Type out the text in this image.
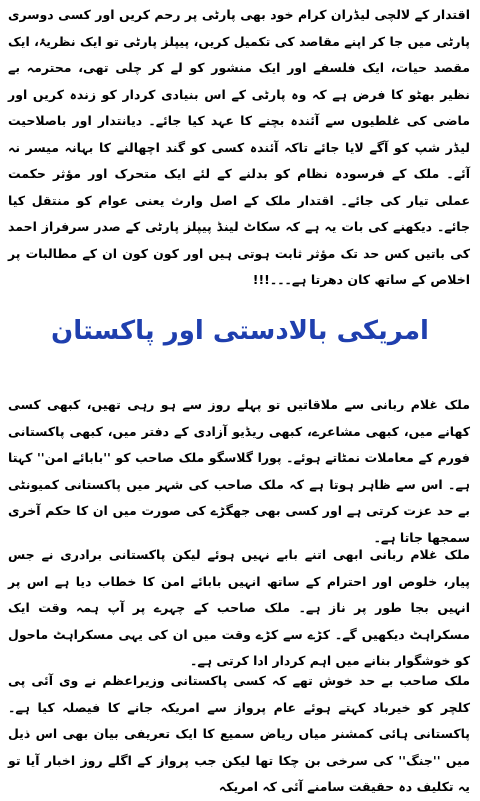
اقتدار کے لالچی لیڈران کرام خود بھی پارٹی پر رحم کریں اور کسی دوسری پارٹی میں جا کر اپنے مقاصد کی تکمیل کریں، پیپلز پارٹی تو ایک نظریۂ، ایک مقصد حیات، ایک فلسفے اور ایک منشور کو لے کر چلی تھی، محترمہ بے نظیر بھٹو کا فرض ہے کہ وہ پارٹی کے اس بنیادی کردار کو زندہ کریں اور ماضی کی غلطیوں سے آئندہ بچنے کا عہد کیا جائے۔ دیانتدار اور باصلاحیت لیڈر شپ کو آگے لایا جائے تاکہ آئندہ کسی کو گند اچھالنے کا بہانہ میسر نہ آئے۔ ملک کے فرسودہ نظام کو بدلنے کے لئے ایک متحرک اور مؤثر حکمت عملی تیار کی جائے۔ اقتدار ملک کے اصل وارث یعنی عوام کو منتقل کیا جائے۔ دیکھنے کی بات یہ ہے کہ سکاٹ لینڈ پیپلز پارٹی کے صدر سرفراز احمد کی باتیں کس حد تک مؤثر ثابت ہوتی ہیں اور کون کون ان کے مطالبات پر اخلاص کے ساتھ کان دھرتا ہے۔۔۔!!!

امریکی بالادستی اور پاکستان

ملک غلام ربانی سے ملاقاتیں تو پہلے روز سے ہو رہی تھیں، کبھی کسی کھانے میں، کبھی مشاعرے، کبھی ریڈیو آزادی کے دفتر میں، کبھی پاکستانی فورم کے معاملات نمٹاتے ہوئے۔ پورا گلاسگو ملک صاحب کو ''بابائے امن'' کہتا ہے۔ اس سے ظاہر ہوتا ہے کہ ملک صاحب کی شہر میں پاکستانی کمیونٹی بے حد عزت کرتی ہے اور کسی بھی جھگڑے کی صورت میں ان کا حکم آخری سمجھا جاتا ہے۔

ملک غلام ربانی ابھی اتنے بابے نہیں ہوئے لیکن پاکستانی برادری نے جس پیار، خلوص اور احترام کے ساتھ انہیں بابائے امن کا خطاب دیا ہے اس پر انہیں بجا طور پر ناز ہے۔ ملک صاحب کے چہرے پر آپ ہمہ وقت ایک مسکراہٹ دیکھیں گے۔ کڑے سے کڑے وقت میں ان کی یہی مسکراہٹ ماحول کو خوشگوار بنانے میں اہم کردار ادا کرتی ہے۔

ملک صاحب بے حد خوش تھے کہ کسی پاکستانی وزیراعظم نے وی آئی پی کلچر کو خیرباد کہتے ہوئے عام پرواز سے امریکہ جانے کا فیصلہ کیا ہے۔ پاکستانی ہائی کمشنر میاں ریاض سمیع کا ایک تعریفی بیان بھی اس ذیل میں ''جنگ'' کی سرخی بن چکا تھا لیکن جب پرواز کے اگلے روز اخبار آیا تو یہ تکلیف دہ حقیقت سامنے آئی کہ امریکہ
